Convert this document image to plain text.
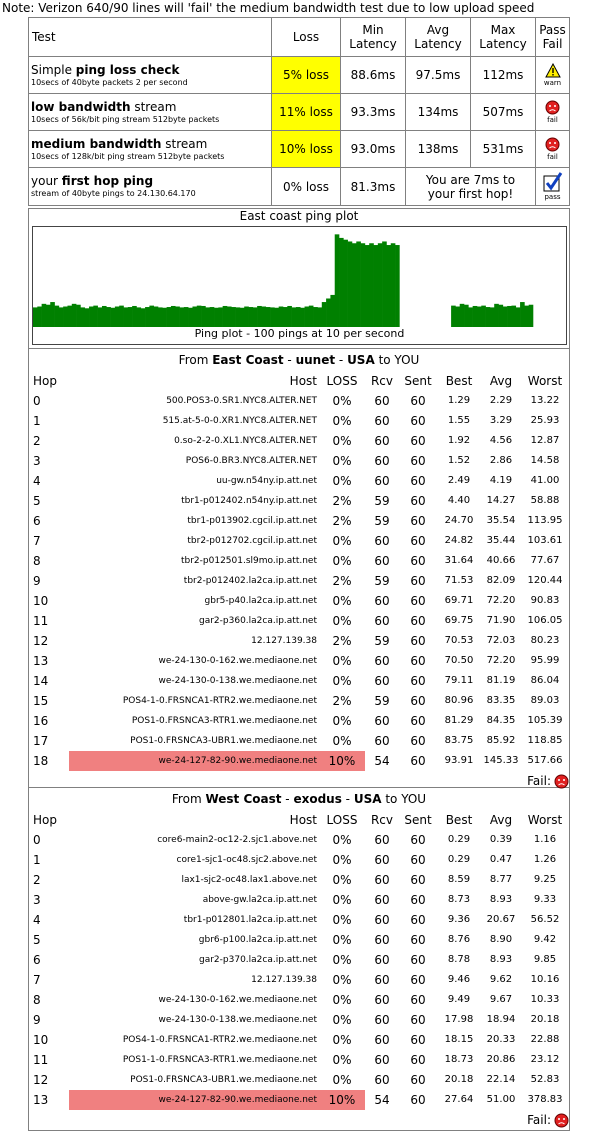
Note: Verizon 640/90 lines will 'fail' the medium bandwidth test due to low upload speed
Test	Loss	Min Latency	Avg Latency	Max Latency	Pass Fail

Simple ping loss check
10secs of 40byte packets 2 per second	5% loss	88.6ms	97.5ms	112ms	warn

low bandwidth stream
10secs of 56k/bit ping stream 512byte packets	11% loss	93.3ms	134ms	507ms	fail

medium bandwidth stream
10secs of 128k/bit ping stream 512byte packets	10% loss	93.0ms	138ms	531ms	fail

your first hop ping
stream of 40byte pings to 24.130.64.170	0% loss	81.3ms	You are 7ms to your first hop!		pass
East coast ping plot
Ping plot - 100 pings at 10 per second
From East Coast - uunet - USA to YOU
Hop	Host	LOSS	Rcv	Sent	Best	Avg	Worst
0	500.POS3-0.SR1.NYC8.ALTER.NET	0%	60	60	1.29	2.29	13.22
1	515.at-5-0-0.XR1.NYC8.ALTER.NET	0%	60	60	1.55	3.29	25.93
2	0.so-2-2-0.XL1.NYC8.ALTER.NET	0%	60	60	1.92	4.56	12.87
3	POS6-0.BR3.NYC8.ALTER.NET	0%	60	60	1.52	2.86	14.58
4	uu-gw.n54ny.ip.att.net	0%	60	60	2.49	4.19	41.00
5	tbr1-p012402.n54ny.ip.att.net	2%	59	60	4.40	14.27	58.88
6	tbr1-p013902.cgcil.ip.att.net	2%	59	60	24.70	35.54	113.95
7	tbr2-p012702.cgcil.ip.att.net	0%	60	60	24.82	35.44	103.61
8	tbr2-p012501.sl9mo.ip.att.net	0%	60	60	31.64	40.66	77.67
9	tbr2-p012402.la2ca.ip.att.net	2%	59	60	71.53	82.09	120.44
10	gbr5-p40.la2ca.ip.att.net	0%	60	60	69.71	72.20	90.83
11	gar2-p360.la2ca.ip.att.net	0%	60	60	69.75	71.90	106.05
12	12.127.139.38	2%	59	60	70.53	72.03	80.23
13	we-24-130-0-162.we.mediaone.net	0%	60	60	70.50	72.20	95.99
14	we-24-130-0-138.we.mediaone.net	0%	60	60	79.11	81.19	86.04
15	POS4-1-0.FRSNCA1-RTR2.we.mediaone.net	2%	59	60	80.96	83.35	89.03
16	POS1-0.FRSNCA3-RTR1.we.mediaone.net	0%	60	60	81.29	84.35	105.39
17	POS1-0.FRSNCA3-UBR1.we.mediaone.net	0%	60	60	83.75	85.92	118.85
18	we-24-127-82-90.we.mediaone.net	10%	54	60	93.91	145.33	517.66
Fail:							
From West Coast - exodus - USA to YOU
Hop	Host	LOSS	Rcv	Sent	Best	Avg	Worst
0	core6-main2-oc12-2.sjc1.above.net	0%	60	60	0.29	0.39	1.16
1	core1-sjc1-oc48.sjc2.above.net	0%	60	60	0.29	0.47	1.26
2	lax1-sjc2-oc48.lax1.above.net	0%	60	60	8.59	8.77	9.25
3	above-gw.la2ca.ip.att.net	0%	60	60	8.73	8.93	9.33
4	tbr1-p012801.la2ca.ip.att.net	0%	60	60	9.36	20.67	56.52
5	gbr6-p100.la2ca.ip.att.net	0%	60	60	8.76	8.90	9.42
6	gar2-p370.la2ca.ip.att.net	0%	60	60	8.78	8.93	9.85
7	12.127.139.38	0%	60	60	9.46	9.62	10.16
8	we-24-130-0-162.we.mediaone.net	0%	60	60	9.49	9.67	10.33
9	we-24-130-0-138.we.mediaone.net	0%	60	60	17.98	18.94	20.18
10	POS4-1-0.FRSNCA1-RTR2.we.mediaone.net	0%	60	60	18.15	20.33	22.88
11	POS1-1-0.FRSNCA3-RTR1.we.mediaone.net	0%	60	60	18.73	20.86	23.12
12	POS1-0.FRSNCA3-UBR1.we.mediaone.net	0%	60	60	20.18	22.14	52.83
13	we-24-127-82-90.we.mediaone.net	10%	54	60	27.64	51.00	378.83
Fail:							
